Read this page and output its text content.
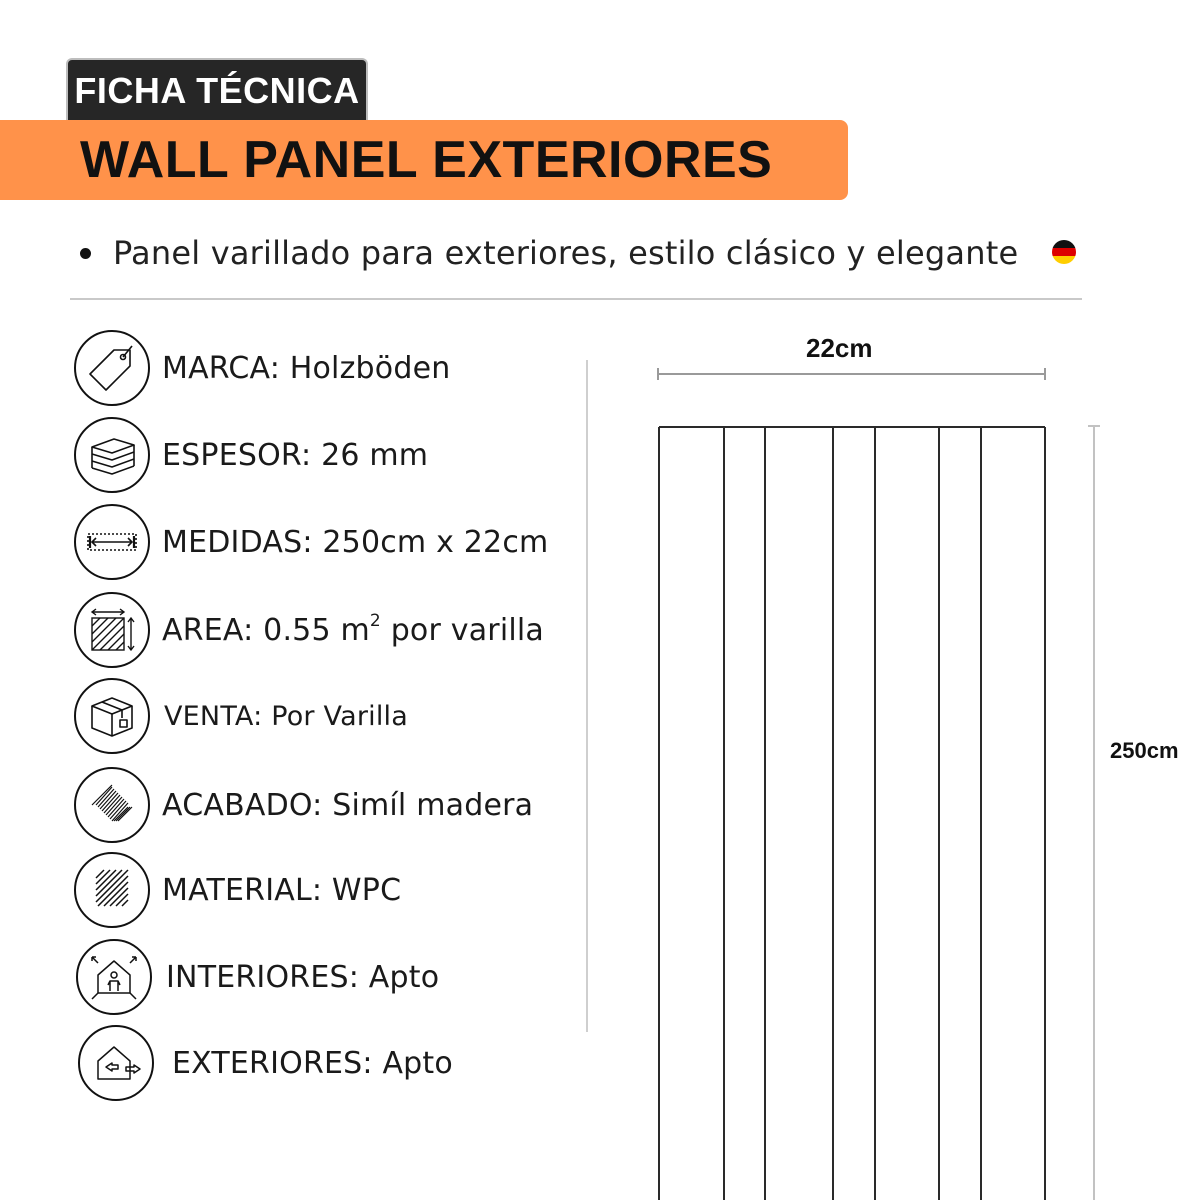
FICHA TÉCNICA
WALL PANEL EXTERIORES
Panel varillado para exteriores, estilo clásico y elegante
MARCA: Holzböden
ESPESOR: 26 mm
MEDIDAS: 250cm x 22cm
AREA: 0.55 $m^2$ por varilla
VENTA: Por Varilla
ACABADO: Simíl madera
MATERIAL: WPC
INTERIORES: Apto
EXTERIORES: Apto
22cm
250cm
